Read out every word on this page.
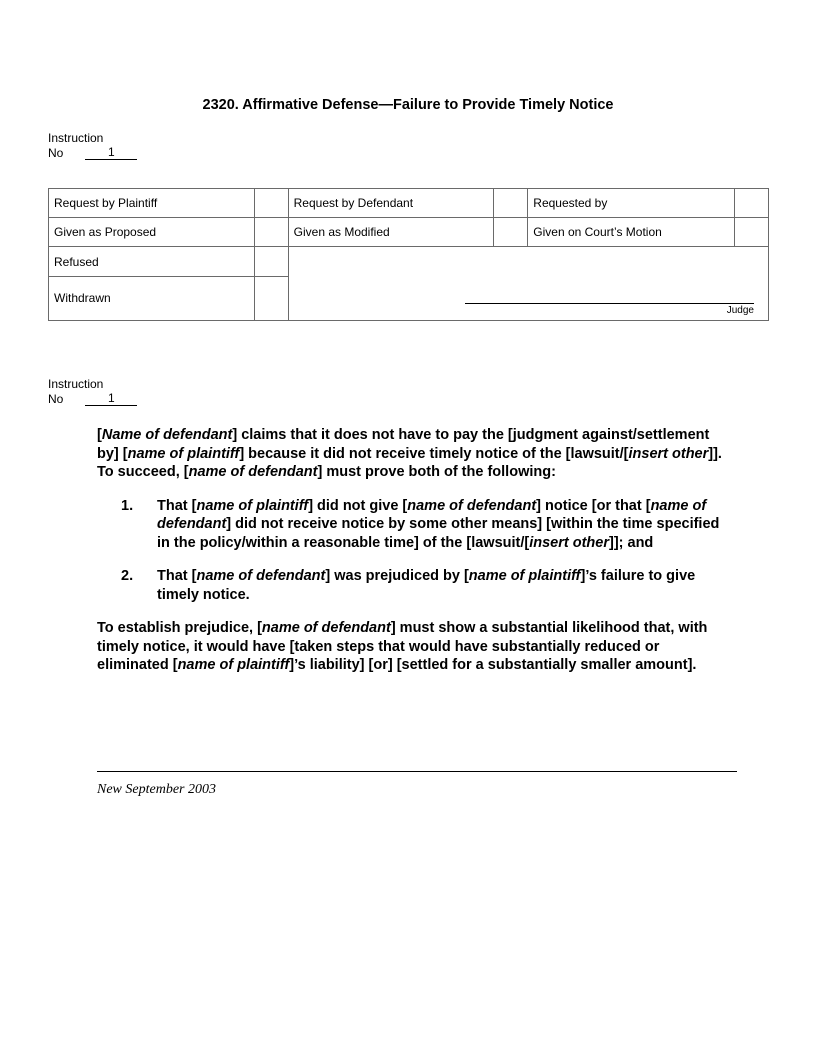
2320. Affirmative Defense—Failure to Provide Timely Notice
Instruction
No	1
Request by Plaintiff		Request by Defendant		Requested by	
Given as Proposed		Given as Modified		Given on Court’s Motion	
Refused		Judge			

Withdrawn					
Instruction
No	1

[Name of defendant] claims that it does not have to pay the [judgment against/settlement by] [name of plaintiff] because it did not receive timely notice of the [lawsuit/[insert other]]. To succeed, [name of defendant] must prove both of the following:

1.	That [name of plaintiff] did not give [name of defendant] notice [or that [name of defendant] did not receive notice by some other means] [within the time specified in the policy/within a reasonable time] of the [lawsuit/[insert other]]; and
2.	That [name of defendant] was prejudiced by [name of plaintiff]’s failure to give timely notice.

To establish prejudice, [name of defendant] must show a substantial likelihood that, with timely notice, it would have [taken steps that would have substantially reduced or eliminated [name of plaintiff]’s liability] [or] [settled for a substantially smaller amount].

New September 2003
